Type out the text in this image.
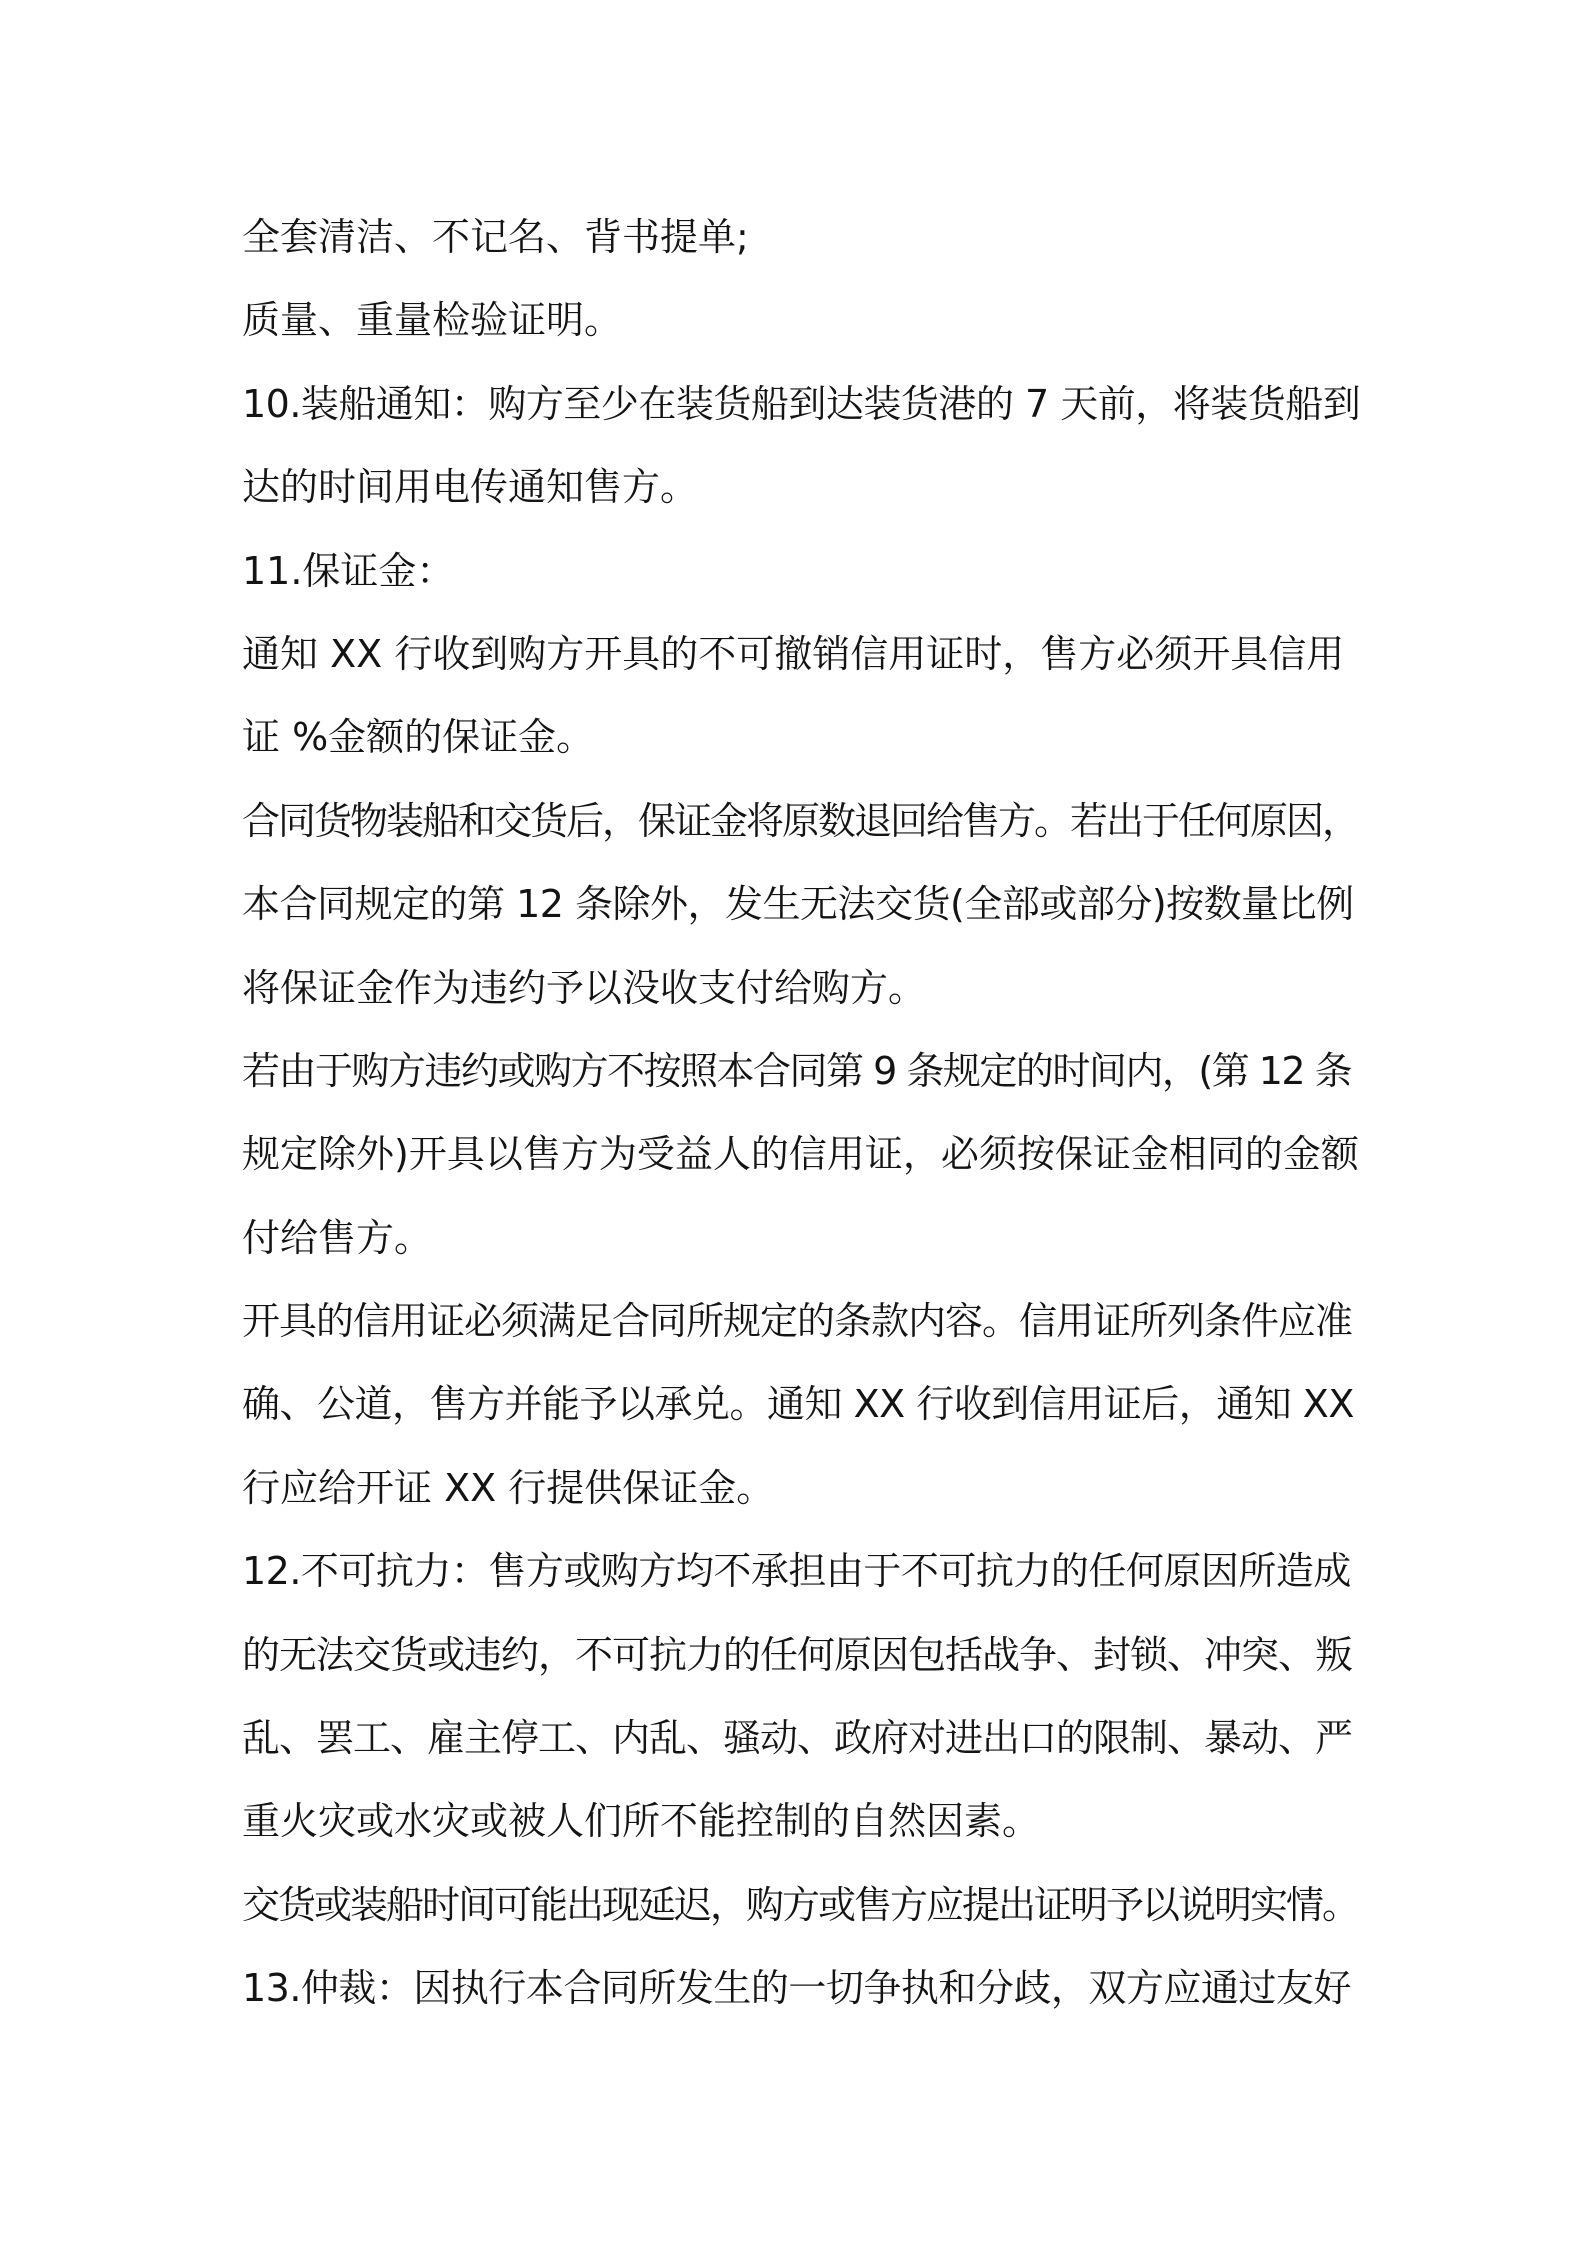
全套清洁、不记名、背书提单;
质量、重量检验证明。
10.装船通知：购方至少在装货船到达装货港的 7 天前，将装货船到
达的时间用电传通知售方。
11.保证金：
通知 XX 行收到购方开具的不可撤销信用证时，售方必须开具信用
证 %金额的保证金。
合同货物装船和交货后，保证金将原数退回给售方。若出于任何原因，
本合同规定的第 12 条除外，发生无法交货(全部或部分)按数量比例
将保证金作为违约予以没收支付给购方。
若由于购方违约或购方不按照本合同第 9 条规定的时间内，(第 12 条
规定除外)开具以售方为受益人的信用证，必须按保证金相同的金额
付给售方。
开具的信用证必须满足合同所规定的条款内容。信用证所列条件应准
确、公道，售方并能予以承兑。通知 XX 行收到信用证后，通知 XX
行应给开证 XX 行提供保证金。
12.不可抗力：售方或购方均不承担由于不可抗力的任何原因所造成
的无法交货或违约，不可抗力的任何原因包括战争、封锁、冲突、叛
乱、罢工、雇主停工、内乱、骚动、政府对进出口的限制、暴动、严
重火灾或水灾或被人们所不能控制的自然因素。
交货或装船时间可能出现延迟，购方或售方应提出证明予以说明实情。
13.仲裁：因执行本合同所发生的一切争执和分歧，双方应通过友好
